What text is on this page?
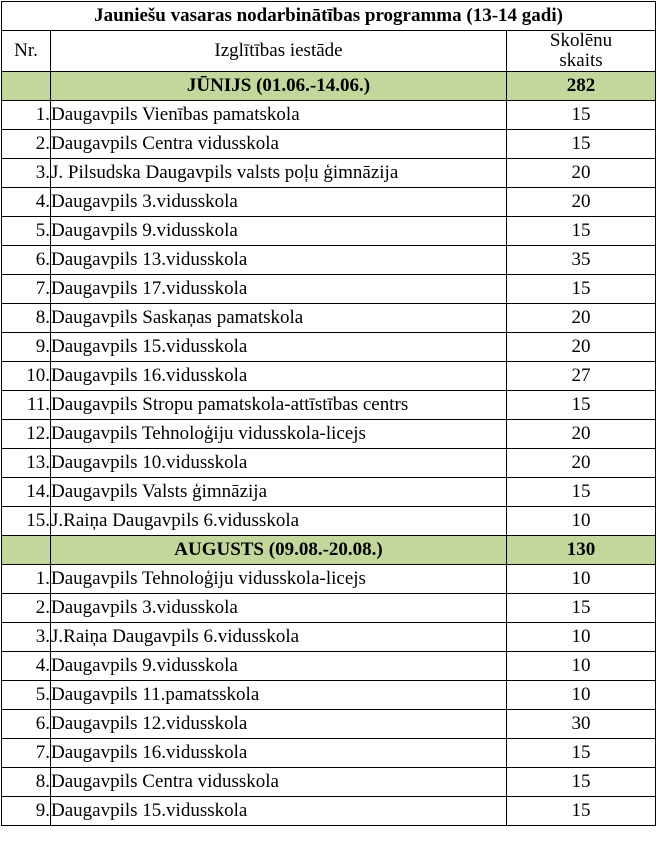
Jauniešu vasaras nodarbinātības programma (13-14 gadi)		
Nr.	Izglītības iestāde	Skolēnu
skaits
	JŪNIJS (01.06.-14.06.)	282
1.	Daugavpils Vienības pamatskola	15
2.	Daugavpils Centra vidusskola	15
3.	J. Pilsudska Daugavpils valsts poļu ģimnāzija	20
4.	Daugavpils 3.vidusskola	20
5.	Daugavpils 9.vidusskola	15
6.	Daugavpils 13.vidusskola	35
7.	Daugavpils 17.vidusskola	15
8.	Daugavpils Saskaņas pamatskola	20
9.	Daugavpils 15.vidusskola	20
10.	Daugavpils 16.vidusskola	27
11.	Daugavpils Stropu pamatskola-attīstības centrs	15
12.	Daugavpils Tehnoloģiju vidusskola-licejs	20
13.	Daugavpils 10.vidusskola	20
14.	Daugavpils Valsts ģimnāzija	15
15.	J.Raiņa Daugavpils 6.vidusskola	10
	AUGUSTS (09.08.-20.08.)	130
1.	Daugavpils Tehnoloģiju vidusskola-licejs	10
2.	Daugavpils 3.vidusskola	15
3.	J.Raiņa Daugavpils 6.vidusskola	10
4.	Daugavpils 9.vidusskola	10
5.	Daugavpils 11.pamatsskola	10
6.	Daugavpils 12.vidusskola	30
7.	Daugavpils 16.vidusskola	15
8.	Daugavpils Centra vidusskola	15
9.	Daugavpils 15.vidusskola	15
